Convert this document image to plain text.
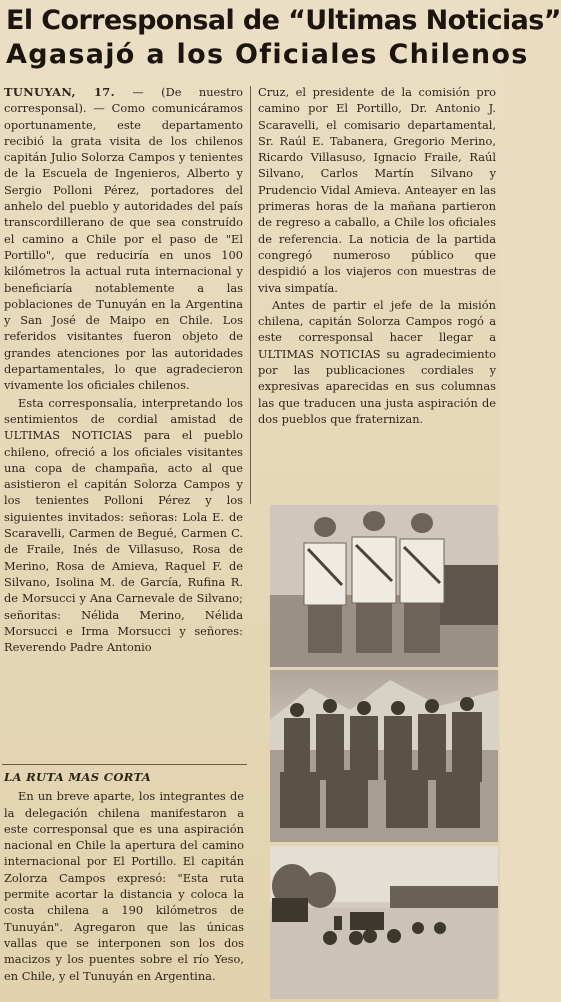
El Corresponsal de “Ultimas Noticias”
Agasajó a los Oficiales Chilenos

TUNUYAN, 17. — (De nuestro corresponsal). — Como comunicáramos oportunamente, este departamento recibió la grata visita de los chilenos capitán Julio Solorza Campos y tenientes de la Escuela de Ingenieros, Alberto y Sergio Polloni Pérez, portadores del anhelo del pueblo y autoridades del país transcordillerano de que sea construído el camino a Chile por el paso de "El Portillo", que reduciría en unos 100 kilómetros la actual ruta internacional y beneficiaría notablemente a las poblaciones de Tunuyán en la Argentina y San José de Maipo en Chile. Los referidos visitantes fueron objeto de grandes atenciones por las autoridades departamentales, lo que agradecieron vivamente los oficiales chilenos.

Esta corresponsalía, interpretando los sentimientos de cordial amistad de ULTIMAS NOTICIAS para el pueblo chileno, ofreció a los oficiales visitantes una copa de champaña, acto al que asistieron el capitán Solorza Campos y los tenientes Polloni Pérez y los siguientes invitados: señoras: Lola E. de Scaravelli, Carmen de Begué, Carmen C. de Fraile, Inés de Villasuso, Rosa de Merino, Rosa de Amieva, Raquel F. de Silvano, Isolina M. de García, Rufina R. de Morsucci y Ana Carnevale de Silvano; señoritas: Nélida Merino, Nélida Morsucci e Irma Morsucci y señores: Reverendo Padre Antonio

LA RUTA MAS CORTA

En un breve aparte, los integrantes de la delegación chilena manifestaron a este corresponsal que es una aspiración nacional en Chile la apertura del camino internacional por El Portillo. El capitán Zolorza Campos expresó: "Esta ruta permite acortar la distancia y coloca la costa chilena a 190 kilómetros de Tunuyán". Agregaron que las únicas vallas que se interponen son los dos macizos y los puentes sobre el río Yeso, en Chile, y el Tunuyán en Argentina.

Cruz, el presidente de la comisión pro camino por El Portillo, Dr. Antonio J. Scaravelli, el comisario departamental, Sr. Raúl E. Tabanera, Gregorio Merino, Ricardo Villasuso, Ignacio Fraile, Raúl Silvano, Carlos Martín Silvano y Prudencio Vidal Amieva. Anteayer en las primeras horas de la mañana partieron de regreso a caballo, a Chile los oficiales de referencia. La noticia de la partida congregó numeroso público que despidió a los viajeros con muestras de viva simpatía.

Antes de partir el jefe de la misión chilena, capitán Solorza Campos rogó a este corresponsal hacer llegar a ULTIMAS NOTICIAS su agradecimiento por las publicaciones cordiales y expresivas aparecidas en sus columnas las que traducen una justa aspiración de dos pueblos que fraternizan.
